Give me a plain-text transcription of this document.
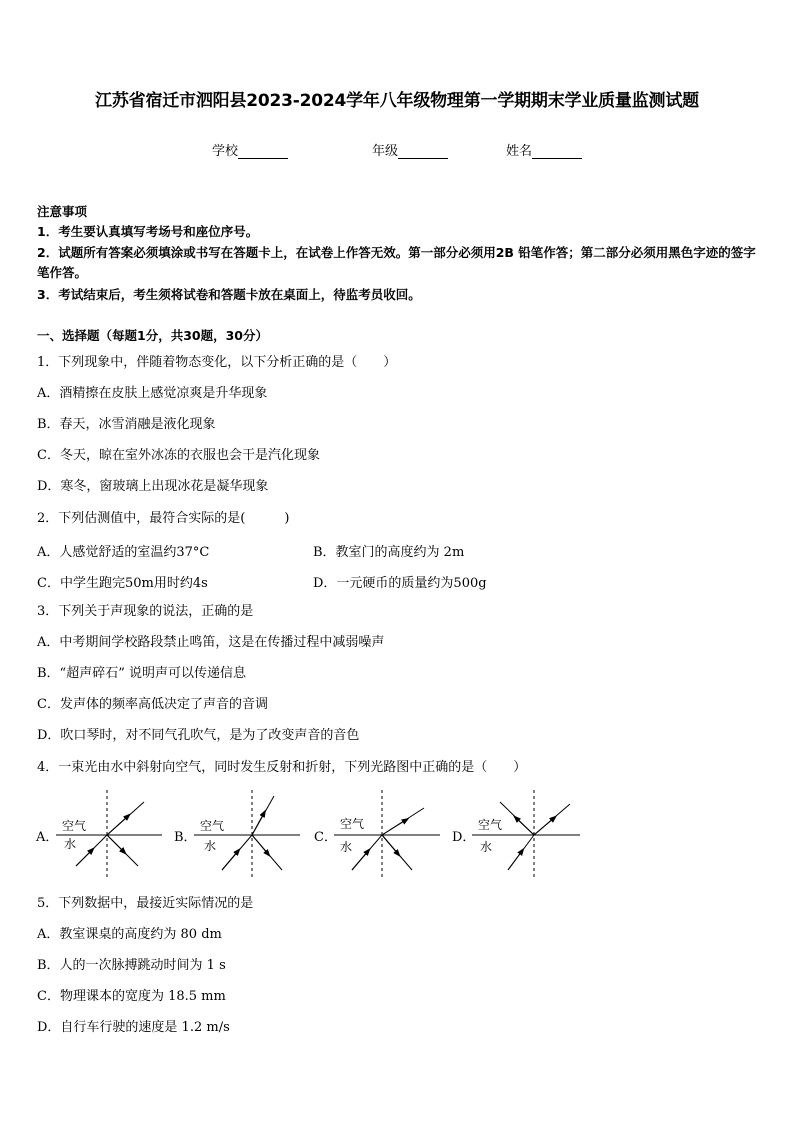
江苏省宿迁市泗阳县2023-2024学年八年级物理第一学期期末学业质量监测试题
学校	年级	姓名
注意事项
1．考生要认真填写考场号和座位序号。
2．试题所有答案必须填涂或书写在答题卡上，在试卷上作答无效。第一部分必须用2B 铅笔作答；第二部分必须用黑色字迹的签字笔作答。
3．考试结束后，考生须将试卷和答题卡放在桌面上，待监考员收回。
一、选择题（每题1分，共30题，30分）
1．下列现象中，伴随着物态变化，以下分析正确的是（　　）
A．酒精擦在皮肤上感觉凉爽是升华现象
B．春天，冰雪消融是液化现象
C．冬天，晾在室外冰冻的衣服也会干是汽化现象
D．寒冬，窗玻璃上出现冰花是凝华现象
2．下列估测值中，最符合实际的是(　　　)
A．人感觉舒适的室温约37°C	B．教室门的高度约为 2m
C．中学生跑完50m用时约4s	D．一元硬币的质量约为500g
3．下列关于声现象的说法，正确的是
A．中考期间学校路段禁止鸣笛，这是在传播过程中减弱噪声
B．“超声碎石” 说明声可以传递信息
C．发声体的频率高低决定了声音的音调
D．吹口琴时，对不同气孔吹气，是为了改变声音的音色
4．一束光由水中斜射向空气，同时发生反射和折射，下列光路图中正确的是（　　）
A．
空气
水	B．
空气
水
C．
空气
水
D．
空气
水
5．下列数据中，最接近实际情况的是
A．教室课桌的高度约为 80 dm
B．人的一次脉搏跳动时间为 1 s
C．物理课本的宽度为 18.5 mm
D．自行车行驶的速度是 1.2 m/s
